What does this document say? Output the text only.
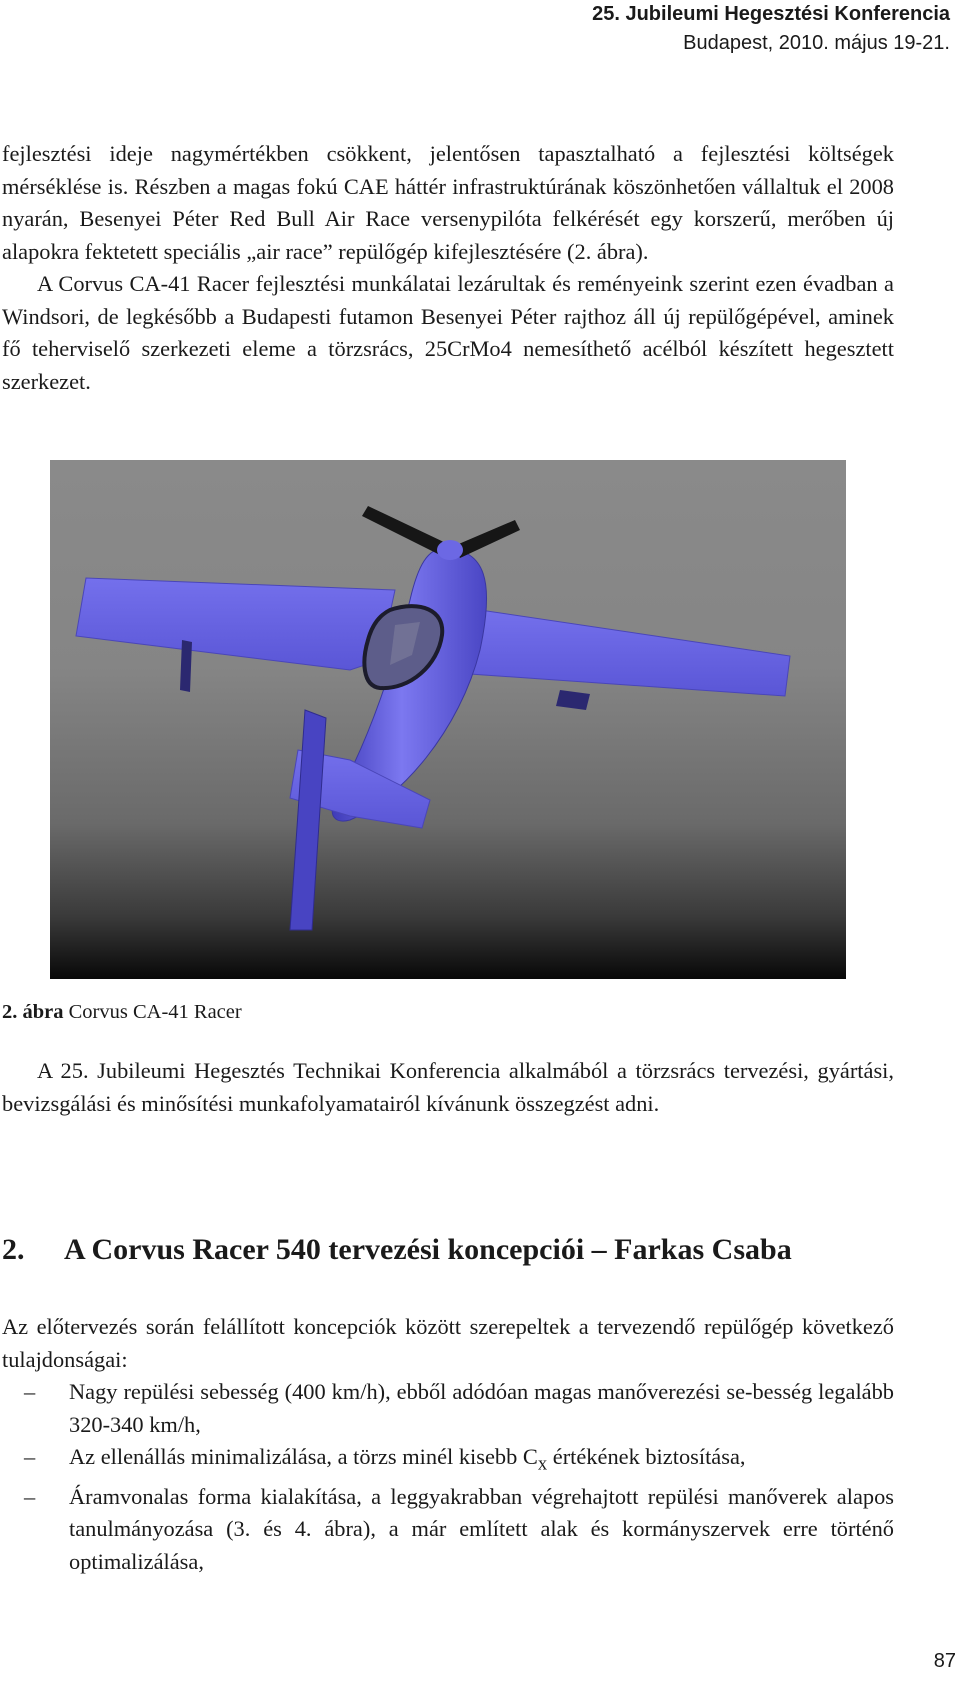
25. Jubileumi Hegesztési Konferencia
Budapest, 2010. május 19-21.

fejlesztési ideje nagymértékben csökkent, jelentősen tapasztalható a fejlesztési költségek mérséklése is. Részben a magas fokú CAE háttér infrastruktúrának köszönhetően vállaltuk el 2008 nyarán, Besenyei Péter Red Bull Air Race versenypilóta felkérését egy korszerű, merőben új alapokra fektetett speciális „air race” repülőgép kifejlesztésére (2. ábra).

A Corvus CA-41 Racer fejlesztési munkálatai lezárultak és reményeink szerint ezen évadban a Windsori, de legkésőbb a Budapesti futamon Besenyei Péter rajthoz áll új repülőgépével, aminek fő teherviselő szerkezeti eleme a törzsrács, 25CrMo4 nemesíthető acélból készített hegesztett szerkezet.

2. ábra Corvus CA-41 Racer

A 25. Jubileumi Hegesztés Technikai Konferencia alkalmából a törzsrács tervezési, gyártási, bevizsgálási és minősítési munkafolyamatairól kívánunk összegzést adni.

2. A Corvus Racer 540 tervezési koncepciói – Farkas Csaba

Az előtervezés során felállított koncepciók között szerepeltek a tervezendő repülőgép következő tulajdonságai:

– Nagy repülési sebesség (400 km/h), ebből adódóan magas manőverezési se-besség legalább 320-340 km/h,
– Az ellenállás minimalizálása, a törzs minél kisebb $C_x$ értékének biztosítása,
– Áramvonalas forma kialakítása, a leggyakrabban végrehajtott repülési manőverek alapos tanulmányozása (3. és 4. ábra), a már említett alak és kormányszervek erre történő optimalizálása,
87
